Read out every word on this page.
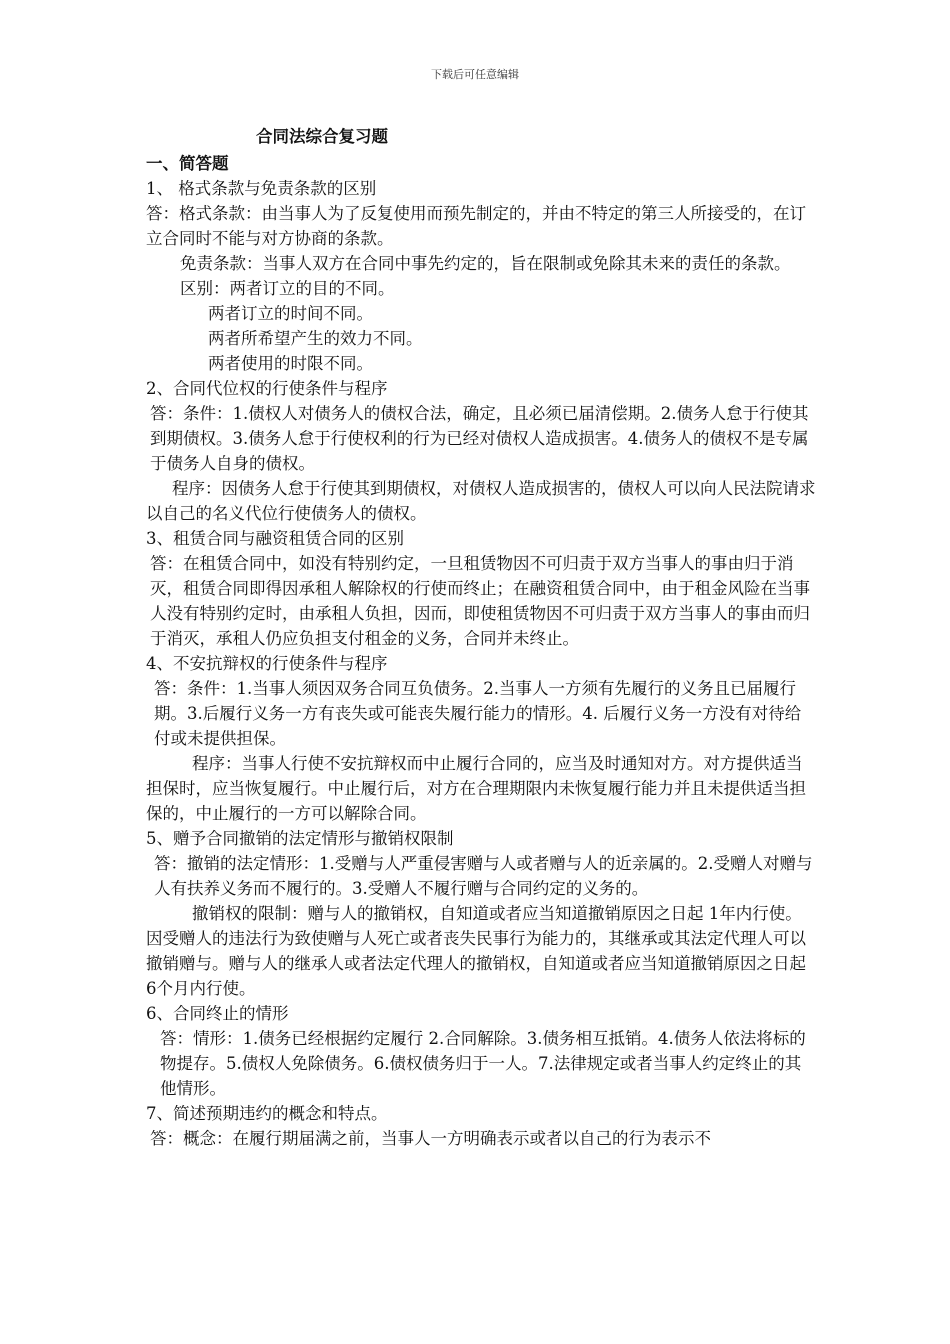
下载后可任意编辑
合同法综合复习题
一、简答题

1、 格式条款与免责条款的区别

答：格式条款：由当事人为了反复使用而预先制定的，并由不特定的第三人所接受的，在订立合同时不能与对方协商的条款。

免责条款：当事人双方在合同中事先约定的，旨在限制或免除其未来的责任的条款。

区别：两者订立的目的不同。

两者订立的时间不同。

两者所希望产生的效力不同。

两者使用的时限不同。

2、合同代位权的行使条件与程序

答：条件：1.债权人对债务人的债权合法，确定，且必须已届清偿期。2.债务人怠于行使其到期债权。3.债务人怠于行使权利的行为已经对债权人造成损害。4.债务人的债权不是专属于债务人自身的债权。

程序：因债务人怠于行使其到期债权，对债权人造成损害的，债权人可以向人民法院请求以自己的名义代位行使债务人的债权。

3、租赁合同与融资租赁合同的区别

答：在租赁合同中，如没有特别约定，一旦租赁物因不可归责于双方当事人的事由归于消灭，租赁合同即得因承租人解除权的行使而终止；在融资租赁合同中，由于租金风险在当事人没有特别约定时，由承租人负担，因而，即使租赁物因不可归责于双方当事人的事由而归于消灭，承租人仍应负担支付租金的义务，合同并未终止。

4、不安抗辩权的行使条件与程序

答：条件：1.当事人须因双务合同互负债务。2.当事人一方须有先履行的义务且已届履行期。3.后履行义务一方有丧失或可能丧失履行能力的情形。4. 后履行义务一方没有对待给付或未提供担保。

程序：当事人行使不安抗辩权而中止履行合同的，应当及时通知对方。对方提供适当担保时，应当恢复履行。中止履行后，对方在合理期限内未恢复履行能力并且未提供适当担保的，中止履行的一方可以解除合同。

5、赠予合同撤销的法定情形与撤销权限制

答：撤销的法定情形：1.受赠与人严重侵害赠与人或者赠与人的近亲属的。2.受赠人对赠与人有扶养义务而不履行的。3.受赠人不履行赠与合同约定的义务的。

撤销权的限制：赠与人的撤销权，自知道或者应当知道撤销原因之日起 1年内行使。因受赠人的违法行为致使赠与人死亡或者丧失民事行为能力的，其继承或其法定代理人可以撤销赠与。赠与人的继承人或者法定代理人的撤销权，自知道或者应当知道撤销原因之日起6个月内行使。

6、合同终止的情形

答：情形：1.债务已经根据约定履行 2.合同解除。3.债务相互抵销。4.债务人依法将标的物提存。5.债权人免除债务。6.债权债务归于一人。7.法律规定或者当事人约定终止的其他情形。

7、简述预期违约的概念和特点。

答：概念：在履行期届满之前，当事人一方明确表示或者以自己的行为表示不
